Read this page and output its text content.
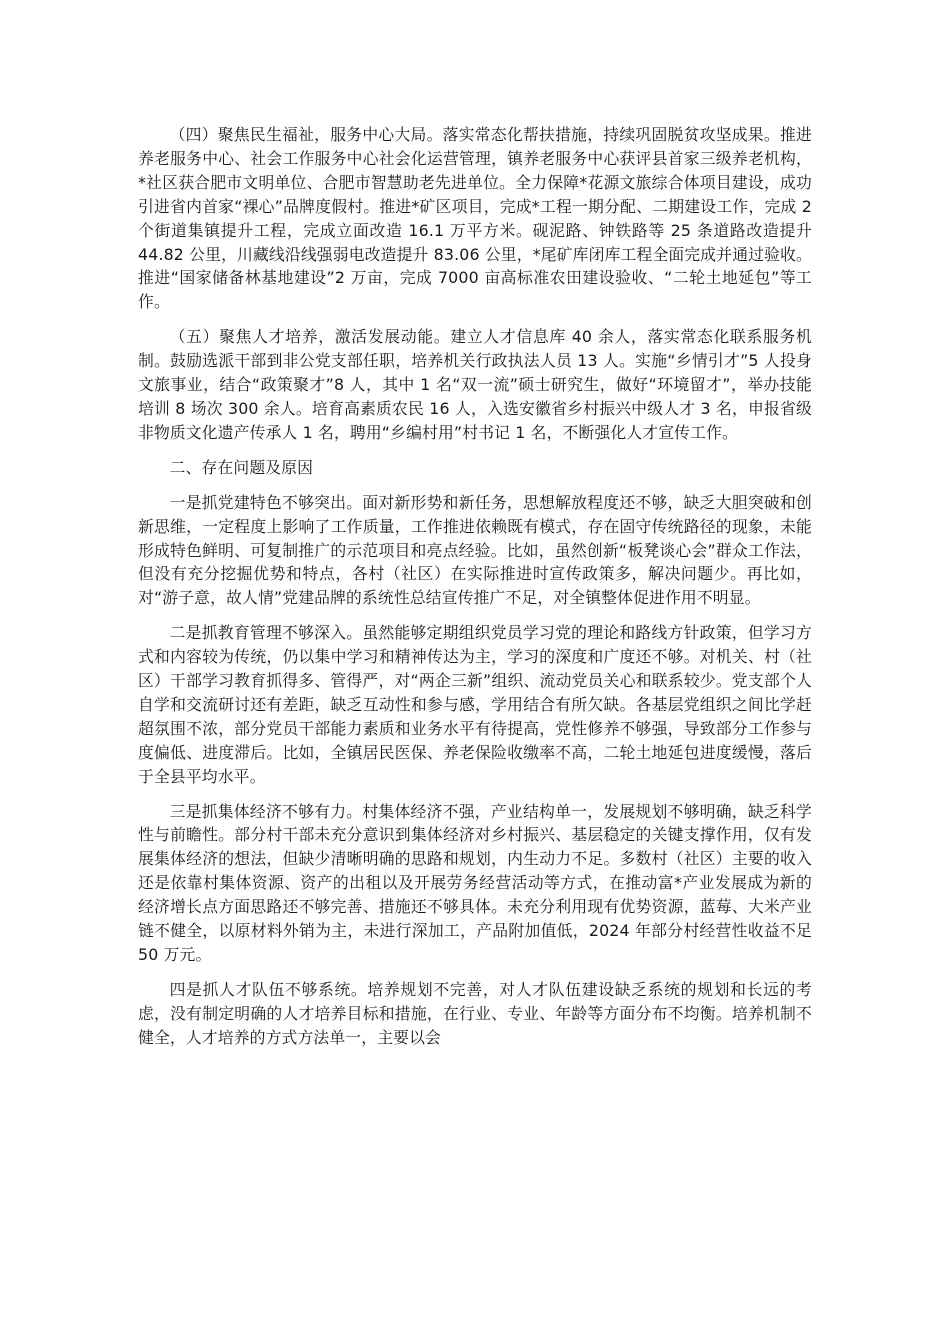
（四）聚焦民生福祉，服务中心大局。落实常态化帮扶措施，持续巩固脱贫攻坚成果。推进养老服务中心、社会工作服务中心社会化运营管理，镇养老服务中心获评县首家三级养老机构，*社区获合肥市文明单位、合肥市智慧助老先进单位。全力保障*花源文旅综合体项目建设，成功引进省内首家“裸心”品牌度假村。推进*矿区项目，完成*工程一期分配、二期建设工作，完成 2 个街道集镇提升工程，完成立面改造 16.1 万平方米。砚泥路、钟铁路等 25 条道路改造提升 44.82 公里，川藏线沿线强弱电改造提升 83.06 公里，*尾矿库闭库工程全面完成并通过验收。推进“国家储备林基地建设”2 万亩，完成 7000 亩高标准农田建设验收、“二轮土地延包”等工作。

（五）聚焦人才培养，激活发展动能。建立人才信息库 40 余人，落实常态化联系服务机制。鼓励选派干部到非公党支部任职，培养机关行政执法人员 13 人。实施“乡情引才”5 人投身文旅事业，结合“政策聚才”8 人，其中 1 名“双一流”硕士研究生，做好“环境留才”，举办技能培训 8 场次 300 余人。培育高素质农民 16 人，入选安徽省乡村振兴中级人才 3 名，申报省级非物质文化遗产传承人 1 名，聘用“乡编村用”村书记 1 名，不断强化人才宣传工作。

二、存在问题及原因

一是抓党建特色不够突出。面对新形势和新任务，思想解放程度还不够，缺乏大胆突破和创新思维，一定程度上影响了工作质量，工作推进依赖既有模式，存在固守传统路径的现象，未能形成特色鲜明、可复制推广的示范项目和亮点经验。比如，虽然创新“板凳谈心会”群众工作法，但没有充分挖掘优势和特点，各村（社区）在实际推进时宣传政策多，解决问题少。再比如，对“游子意，故人情”党建品牌的系统性总结宣传推广不足，对全镇整体促进作用不明显。

二是抓教育管理不够深入。虽然能够定期组织党员学习党的理论和路线方针政策，但学习方式和内容较为传统，仍以集中学习和精神传达为主，学习的深度和广度还不够。对机关、村（社区）干部学习教育抓得多、管得严，对“两企三新”组织、流动党员关心和联系较少。党支部个人自学和交流研讨还有差距，缺乏互动性和参与感，学用结合有所欠缺。各基层党组织之间比学赶超氛围不浓，部分党员干部能力素质和业务水平有待提高，党性修养不够强，导致部分工作参与度偏低、进度滞后。比如，全镇居民医保、养老保险收缴率不高，二轮土地延包进度缓慢，落后于全县平均水平。

三是抓集体经济不够有力。村集体经济不强，产业结构单一，发展规划不够明确，缺乏科学性与前瞻性。部分村干部未充分意识到集体经济对乡村振兴、基层稳定的关键支撑作用，仅有发展集体经济的想法，但缺少清晰明确的思路和规划，内生动力不足。多数村（社区）主要的收入还是依靠村集体资源、资产的出租以及开展劳务经营活动等方式，在推动富*产业发展成为新的经济增长点方面思路还不够完善、措施还不够具体。未充分利用现有优势资源，蓝莓、大米产业链不健全，以原材料外销为主，未进行深加工，产品附加值低，2024 年部分村经营性收益不足 50 万元。

四是抓人才队伍不够系统。培养规划不完善，对人才队伍建设缺乏系统的规划和长远的考虑，没有制定明确的人才培养目标和措施，在行业、专业、年龄等方面分布不均衡。培养机制不健全，人才培养的方式方法单一，主要以会
